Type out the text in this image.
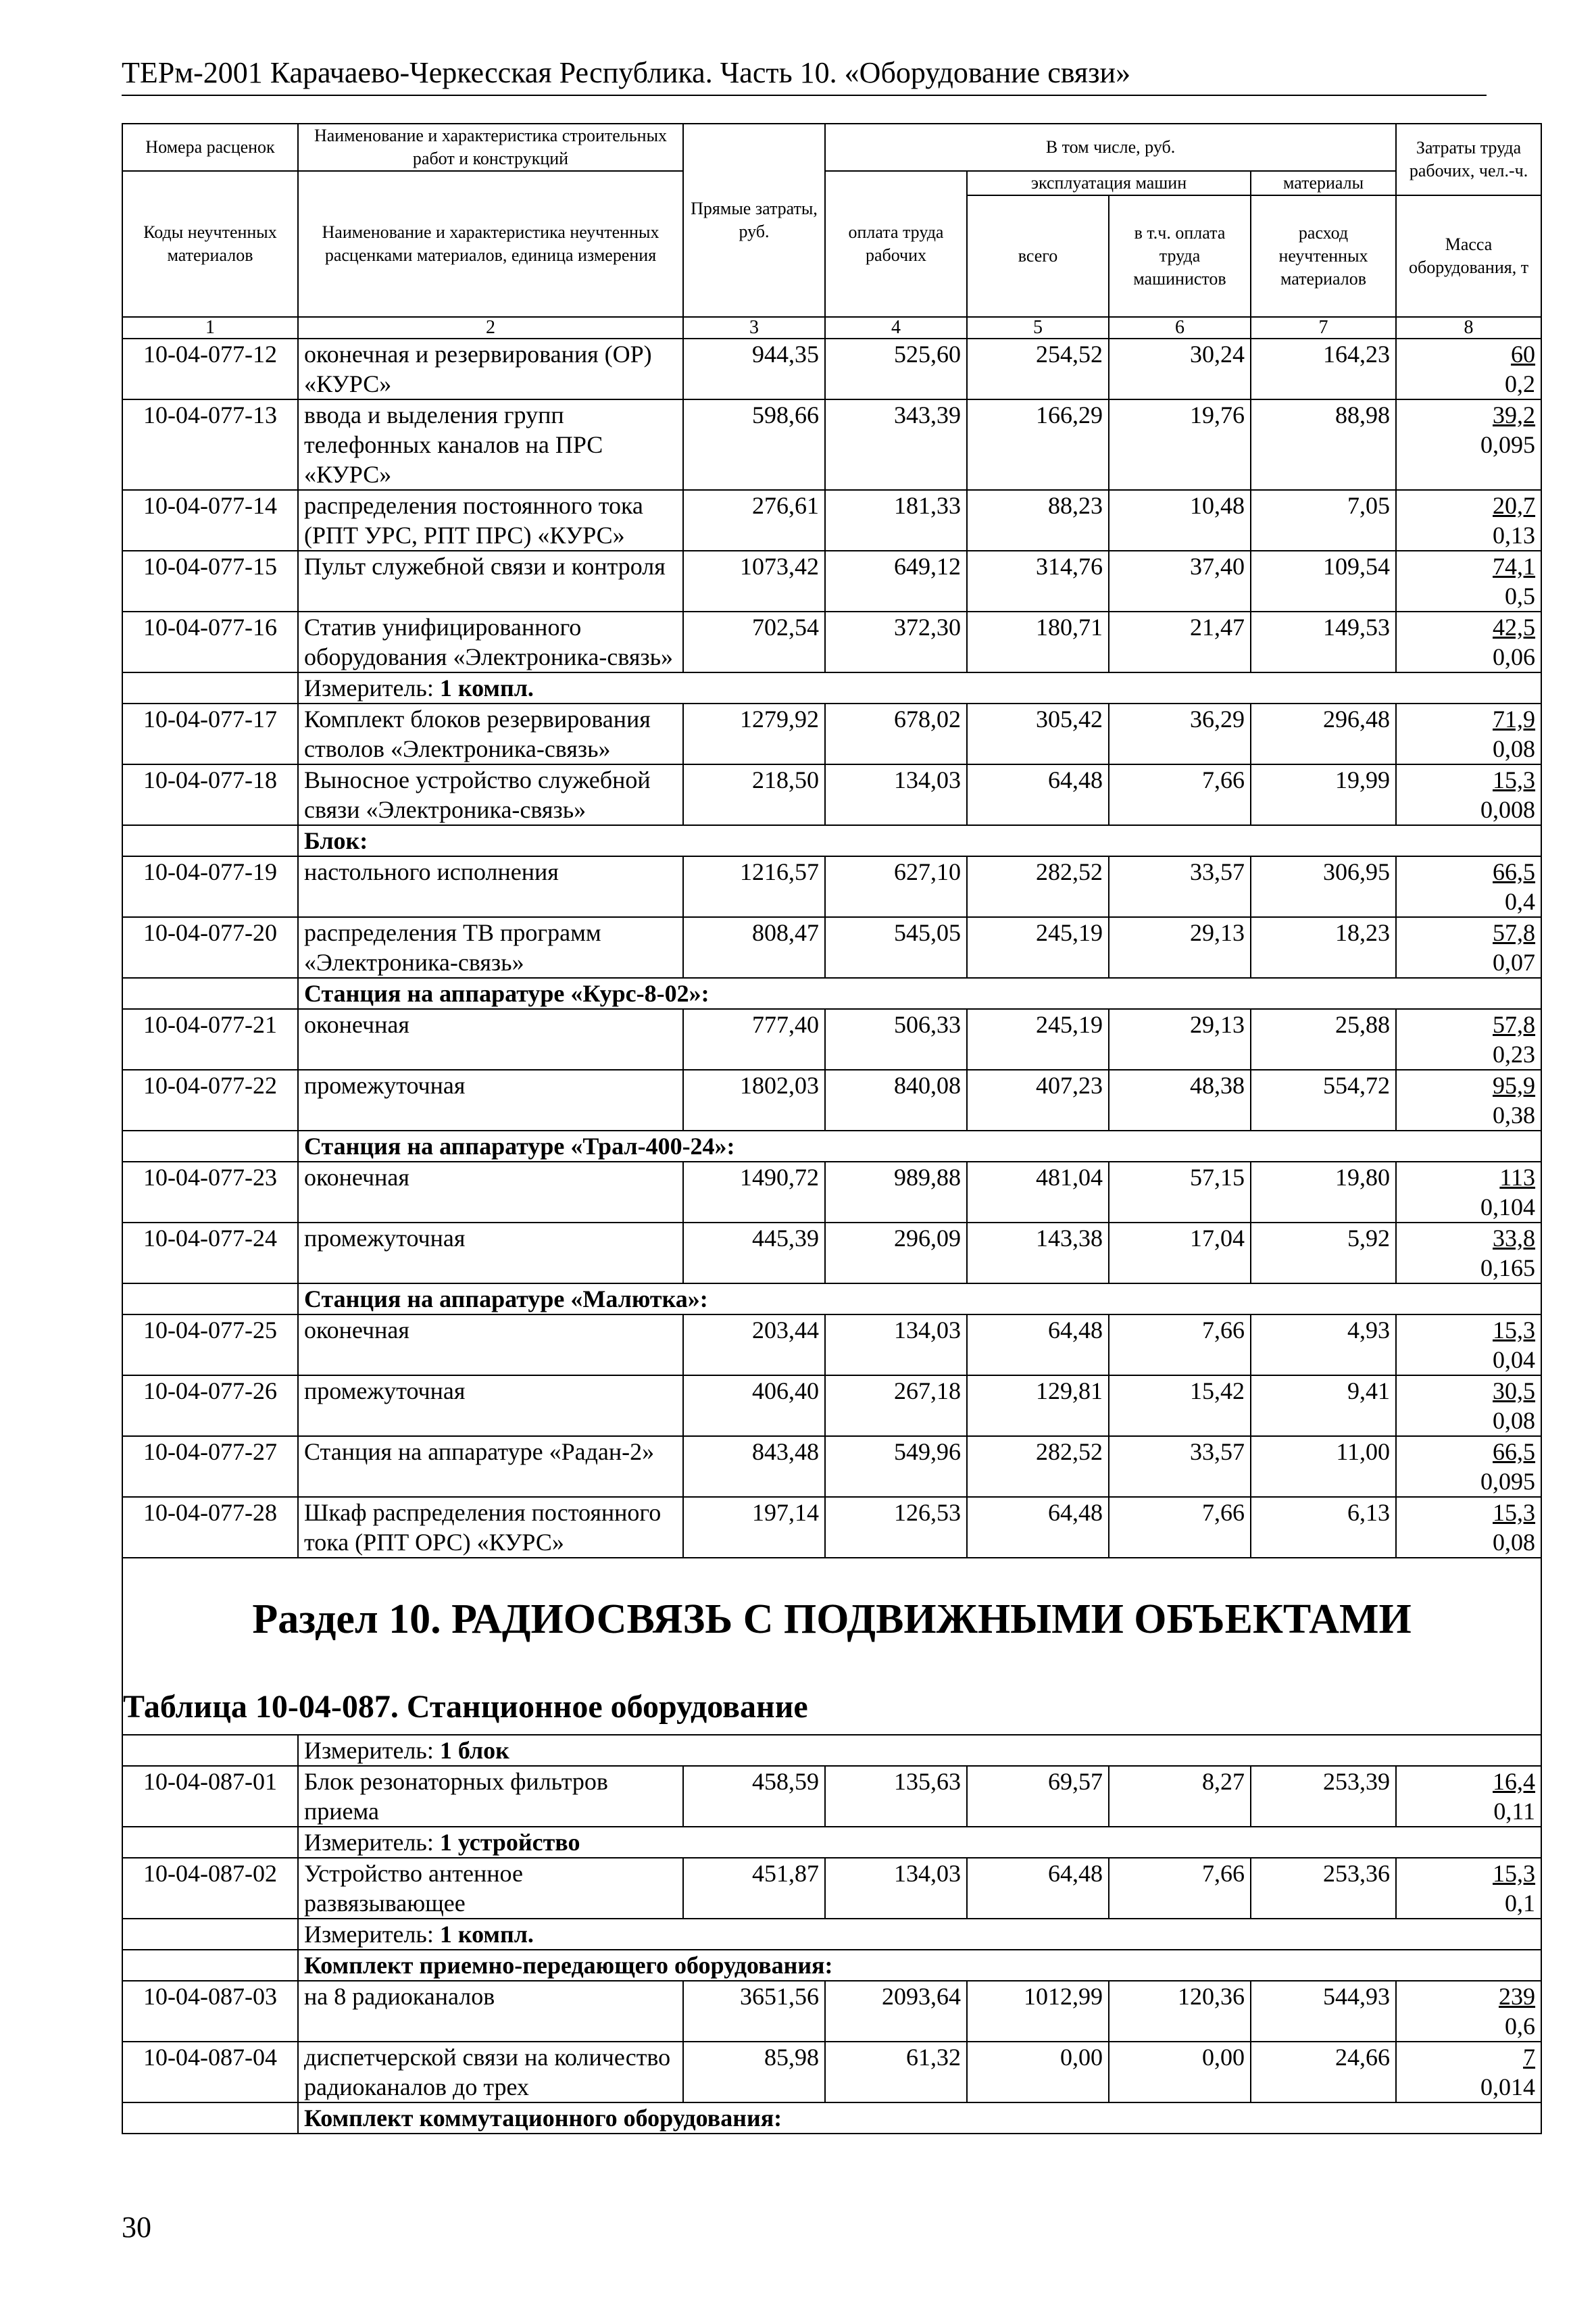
ТЕРм-2001 Карачаево-Черкесская Республика. Часть 10. «Оборудование связи»
Номера расценок	Наименование и характеристика строительных работ и конструкций	Прямые затраты, руб.	В том числе, руб.				Затраты труда рабочих, чел.-ч.
Коды неучтенных материалов	Наименование и характеристика неучтенных расценками материалов, единица измерения		оплата труда рабочих	эксплуатация машин		материалы	
				всего	в т.ч. оплата труда машинистов	расход неучтенных материалов	Масса оборудования, т
1	2	3	4	5	6	7	8
10-04-077-12	оконечная и резервирования (ОР) «КУРС»	944,35	525,60	254,52	30,24	164,23	60
0,2

10-04-077-13	ввода и выделения групп телефонных каналов на ПРС «КУРС»	598,66	343,39	166,29	19,76	88,98	39,2
0,095

10-04-077-14	распределения постоянного тока (РПТ УРС, РПТ ПРС) «КУРС»	276,61	181,33	88,23	10,48	7,05	20,7
0,13

10-04-077-15	Пульт служебной связи и контроля	1073,42	649,12	314,76	37,40	109,54	74,1
0,5

10-04-077-16	Статив унифицированного оборудования «Электроника-связь»	702,54	372,30	180,71	21,47	149,53	42,5
0,06

	Измеритель: 1 компл.						
10-04-077-17	Комплект блоков резервирования стволов «Электроника-связь»	1279,92	678,02	305,42	36,29	296,48	71,9
0,08

10-04-077-18	Выносное устройство служебной связи «Электроника-связь»	218,50	134,03	64,48	7,66	19,99	15,3
0,008

	Блок:						
10-04-077-19	настольного исполнения	1216,57	627,10	282,52	33,57	306,95	66,5
0,4

10-04-077-20	распределения ТВ программ «Электроника-связь»	808,47	545,05	245,19	29,13	18,23	57,8
0,07

	Станция на аппаратуре «Курс-8-02»:						
10-04-077-21	оконечная	777,40	506,33	245,19	29,13	25,88	57,8
0,23

10-04-077-22	промежуточная	1802,03	840,08	407,23	48,38	554,72	95,9
0,38

	Станция на аппаратуре «Трал-400-24»:						
10-04-077-23	оконечная	1490,72	989,88	481,04	57,15	19,80	113
0,104

10-04-077-24	промежуточная	445,39	296,09	143,38	17,04	5,92	33,8
0,165

	Станция на аппаратуре «Малютка»:						
10-04-077-25	оконечная	203,44	134,03	64,48	7,66	4,93	15,3
0,04

10-04-077-26	промежуточная	406,40	267,18	129,81	15,42	9,41	30,5
0,08

10-04-077-27	Станция на аппаратуре «Радан-2»	843,48	549,96	282,52	33,57	11,00	66,5
0,095

10-04-077-28	Шкаф распределения постоянного тока (РПТ ОРС) «КУРС»	197,14	126,53	64,48	7,66	6,13	15,3
0,08

Раздел 10. РАДИОСВЯЗЬ С ПОДВИЖНЫМИ ОБЪЕКТАМИ
Таблица 10-04-087. Станционное оборудование							

	Измеритель: 1 блок						
10-04-087-01	Блок резонаторных фильтров приема	458,59	135,63	69,57	8,27	253,39	16,4
0,11

	Измеритель: 1 устройство						
10-04-087-02	Устройство антенное развязывающее	451,87	134,03	64,48	7,66	253,36	15,3
0,1

	Измеритель: 1 компл.						
	Комплект приемно-передающего оборудования:						
10-04-087-03	на 8 радиоканалов	3651,56	2093,64	1012,99	120,36	544,93	239
0,6

10-04-087-04	диспетчерской связи на количество радиоканалов до трех	85,98	61,32	0,00	0,00	24,66	7
0,014

	Комплект коммутационного оборудования:						
30
